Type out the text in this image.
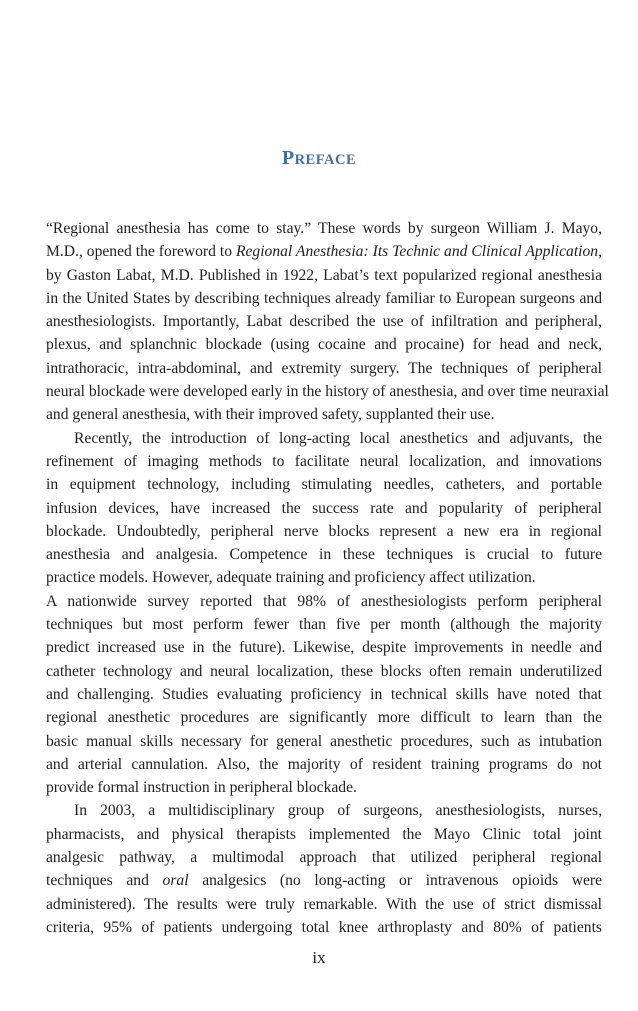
PREFACE
“Regional anesthesia has come to stay.” These words by surgeon William J. Mayo,
M.D., opened the foreword to Regional Anesthesia: Its Technic and Clinical Application,
by Gaston Labat, M.D. Published in 1922, Labat’s text popularized regional anesthesia
in the United States by describing techniques already familiar to European surgeons and
anesthesiologists. Importantly, Labat described the use of infiltration and peripheral,
plexus, and splanchnic blockade (using cocaine and procaine) for head and neck,
intrathoracic, intra-abdominal, and extremity surgery. The techniques of peripheral
neural blockade were developed early in the history of anesthesia, and over time neuraxial
and general anesthesia, with their improved safety, supplanted their use.
Recently, the introduction of long-acting local anesthetics and adjuvants, the
refinement of imaging methods to facilitate neural localization, and innovations
in equipment technology, including stimulating needles, catheters, and portable
infusion devices, have increased the success rate and popularity of peripheral
blockade. Undoubtedly, peripheral nerve blocks represent a new era in regional
anesthesia and analgesia. Competence in these techniques is crucial to future
practice models. However, adequate training and proficiency affect utilization.
A nationwide survey reported that 98% of anesthesiologists perform peripheral
techniques but most perform fewer than five per month (although the majority
predict increased use in the future). Likewise, despite improvements in needle and
catheter technology and neural localization, these blocks often remain underutilized
and challenging. Studies evaluating proficiency in technical skills have noted that
regional anesthetic procedures are significantly more difficult to learn than the
basic manual skills necessary for general anesthetic procedures, such as intubation
and arterial cannulation. Also, the majority of resident training programs do not
provide formal instruction in peripheral blockade.
In 2003, a multidisciplinary group of surgeons, anesthesiologists, nurses,
pharmacists, and physical therapists implemented the Mayo Clinic total joint
analgesic pathway, a multimodal approach that utilized peripheral regional
techniques and oral analgesics (no long-acting or intravenous opioids were
administered). The results were truly remarkable. With the use of strict dismissal
criteria, 95% of patients undergoing total knee arthroplasty and 80% of patients
ix
